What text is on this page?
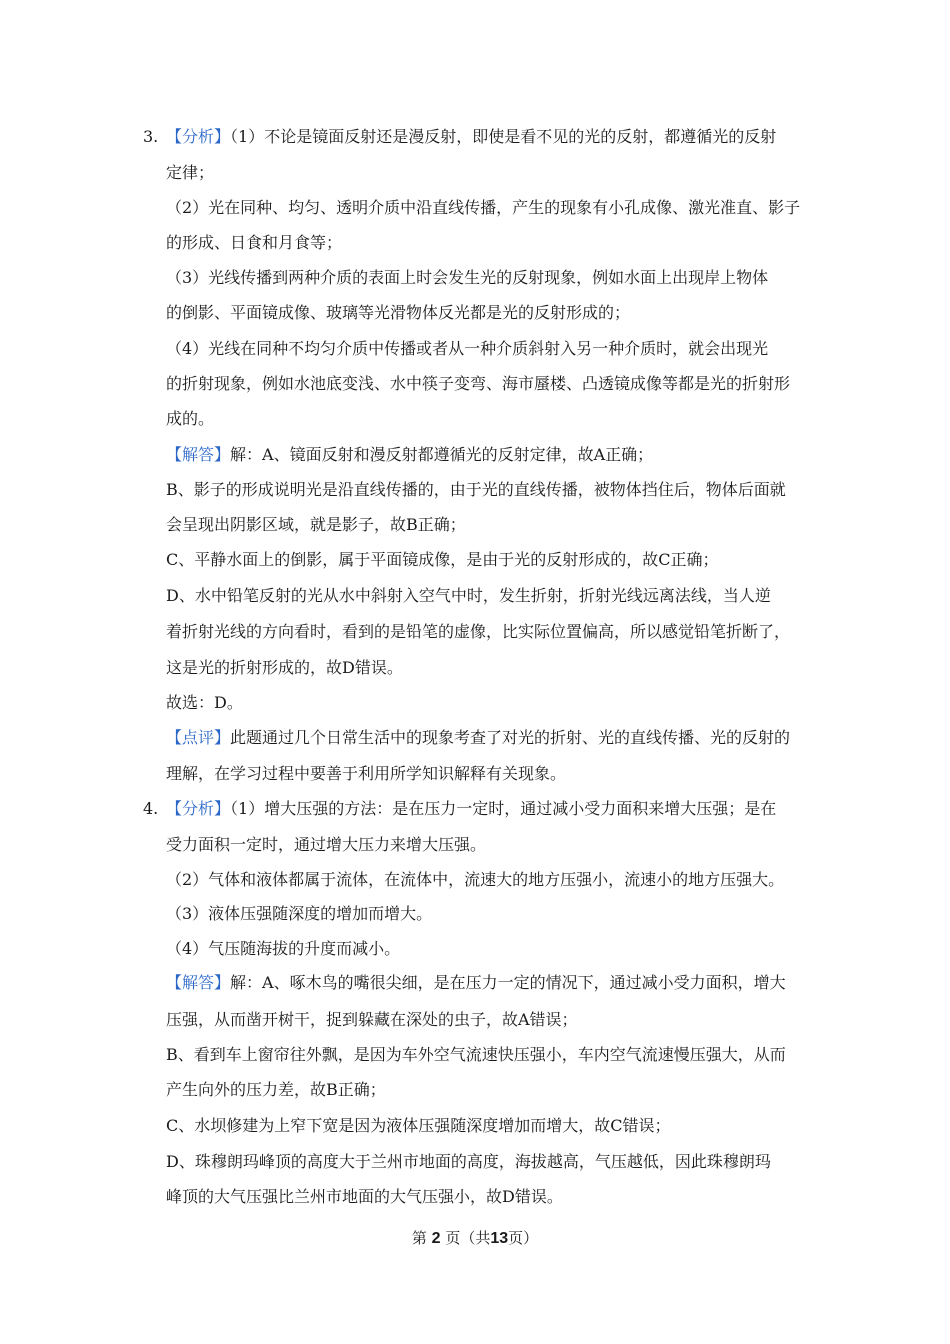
3. 【分析】（1）不论是镜面反射还是漫反射，即使是看不见的光的反射，都遵循光的反射
定律；
（2）光在同种、均匀、透明介质中沿直线传播，产生的现象有小孔成像、激光准直、影子
的形成、日食和月食等；
（3）光线传播到两种介质的表面上时会发生光的反射现象，例如水面上出现岸上物体
的倒影、平面镜成像、玻璃等光滑物体反光都是光的反射形成的；
（4）光线在同种不均匀介质中传播或者从一种介质斜射入另一种介质时，就会出现光
的折射现象，例如水池底变浅、水中筷子变弯、海市蜃楼、凸透镜成像等都是光的折射形
成的。
【解答】解：A、镜面反射和漫反射都遵循光的反射定律，故A正确；
B、影子的形成说明光是沿直线传播的，由于光的直线传播，被物体挡住后，物体后面就
会呈现出阴影区域，就是影子，故B正确；
C、平静水面上的倒影，属于平面镜成像，是由于光的反射形成的，故C正确；
D、水中铅笔反射的光从水中斜射入空气中时，发生折射，折射光线远离法线，当人逆
着折射光线的方向看时，看到的是铅笔的虚像，比实际位置偏高，所以感觉铅笔折断了，
这是光的折射形成的，故D错误。
故选：D。
【点评】此题通过几个日常生活中的现象考查了对光的折射、光的直线传播、光的反射的
理解，在学习过程中要善于利用所学知识解释有关现象。
4. 【分析】（1）增大压强的方法：是在压力一定时，通过减小受力面积来增大压强；是在
受力面积一定时，通过增大压力来增大压强。
（2）气体和液体都属于流体，在流体中，流速大的地方压强小，流速小的地方压强大。
（3）液体压强随深度的增加而增大。
（4）气压随海拔的升度而减小。
【解答】解：A、啄木鸟的嘴很尖细，是在压力一定的情况下，通过减小受力面积，增大
压强，从而凿开树干，捉到躲藏在深处的虫子，故A错误；
B、看到车上窗帘往外飘，是因为车外空气流速快压强小，车内空气流速慢压强大，从而
产生向外的压力差，故B正确；
C、水坝修建为上窄下宽是因为液体压强随深度增加而增大，故C错误；
D、珠穆朗玛峰顶的高度大于兰州市地面的高度，海拔越高，气压越低，因此珠穆朗玛
峰顶的大气压强比兰州市地面的大气压强小，故D错误。
第 2 页（共13页）
